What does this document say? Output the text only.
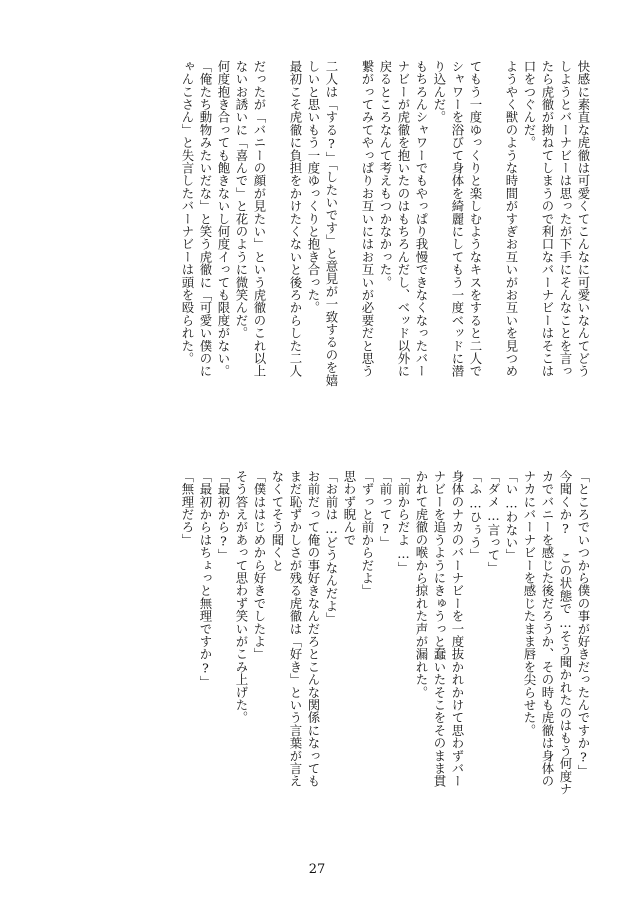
快感に素直な虎徹は可愛くてこんなに可愛いなんてどう
しようとバーナビーは思ったが下手にそんなことを言っ
たら虎徹が拗ねてしまうので利口なバーナビーはそこは
口をつぐんだ。
ようやく獣のような時間がすぎお互いがお互いを見つめ
てもう一度ゆっくりと楽しむようなキスをすると二人で
シャワーを浴びて身体を綺麗にしてもう一度ベッドに潜
り込んだ。
もちろんシャワーでもやっぱり我慢できなくなったバー
ナビーが虎徹を抱いたのはもちろんだし、ベッド以外に
戻るところなんて考えもつかなかった。
繋がってみてやっぱりお互いにはお互いが必要だと思う
二人は「する?」「したいです」と意見が一致するのを嬉
しいと思いもう一度ゆっくりと抱き合った。
最初こそ虎徹に負担をかけたくないと後ろからした二人
だったが「バニーの顔が見たい」という虎徹のこれ以上
ないお誘いに「喜んで」と花のように微笑んだ。
何度抱き合っても飽きないし何度イっても限度がない。
「俺たち動物みたいだな」と笑う虎徹に「可愛い僕のに
ゃんこさん」と失言したバーナビーは頭を殴られた。
「ところでいつから僕の事が好きだったんですか?」
今聞くか? この状態で…そう聞かれたのはもう何度ナ
カでバニーを感じた後だろうか、その時も虎徹は身体の
ナカにバーナビーを感じたまま唇を尖らせた。
「い…わない」
「ダメ…言って」
「ふ…ひぅう」
身体のナカのバーナビーを一度抜かれかけて思わずバー
ナビーを追うようにきゅうっと蠢いたそこをそのまま貫
かれて虎徹の喉から掠れた声が漏れた。
「前からだよ…」
「前って?」
「ずっと前からだよ」
思わず睨んで
「お前は…どうなんだよ」
お前だって俺の事好きなんだろとこんな関係になっても
まだ恥ずかしさが残る虎徹は「好き」という言葉が言え
なくてそう聞くと
「僕ははじめから好きでしたよ」
そう答えがあって思わず笑いがこみ上げた。
「最初から?」
「最初からはちょっと無理ですか?」
「無理だろ」
27
